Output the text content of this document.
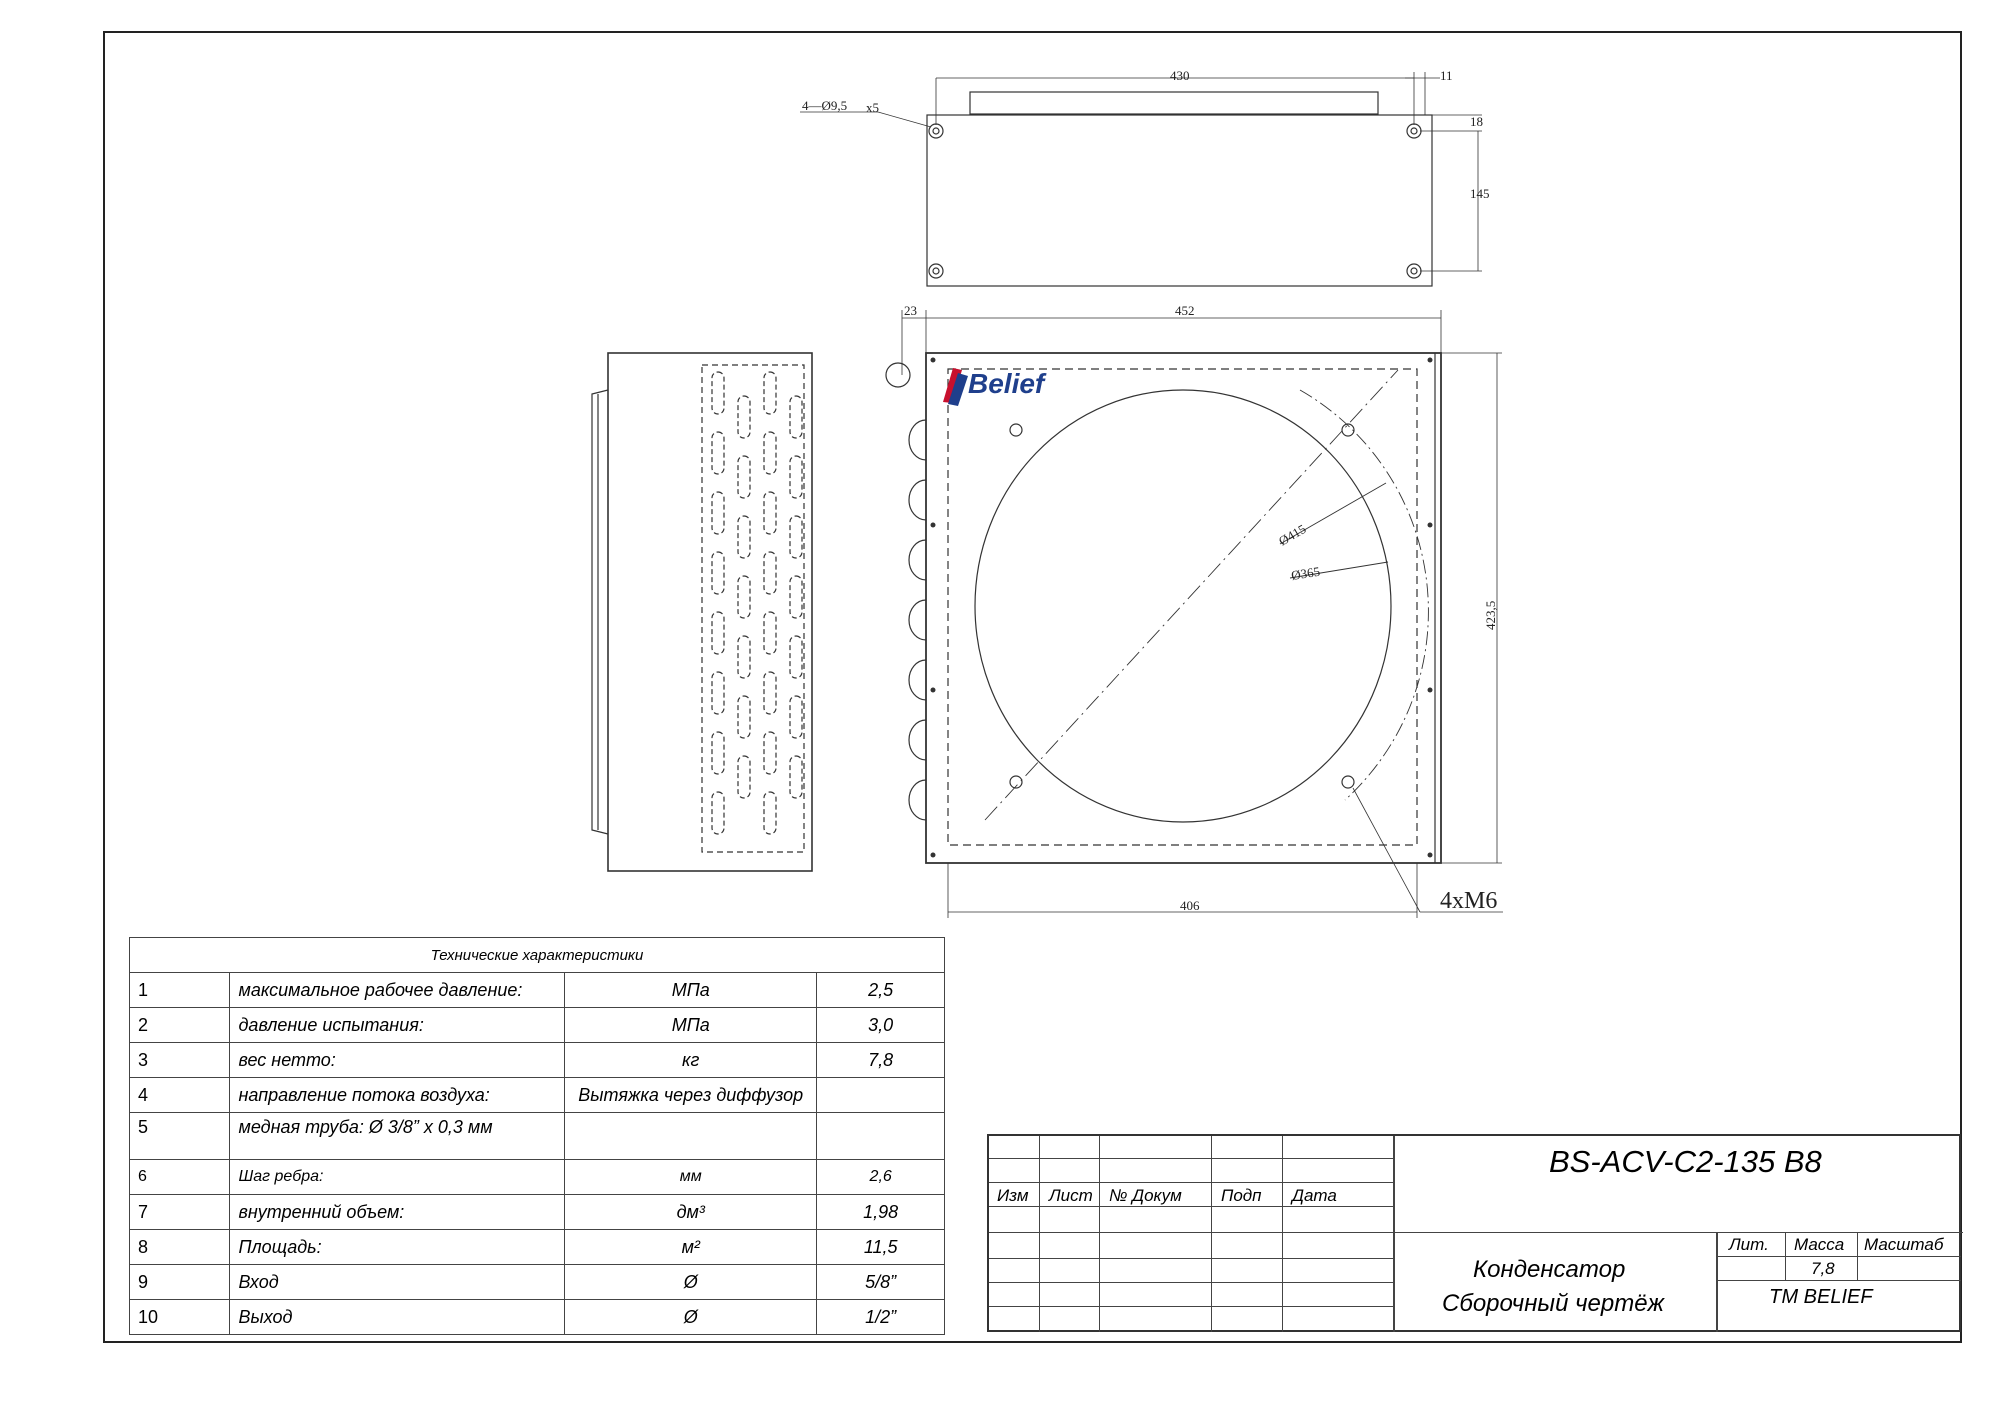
Belief
430	11
18
145
4—Ø9,5 x5
23	452
406
423,5
Ø415
Ø365
4xM6
Технические характеристики			
1	максимальное рабочее давление:	МПа	2,5
2	давление испытания:	МПа	3,0
3	вес нетто:	кг	7,8
4	направление потока воздуха:	Вытяжка через диффузор	
5	медная труба: Ø 3/8” х 0,3 мм		
6	Шаг ребра:	мм	2,6
7	внутренний объем:	дм³	1,98
8	Площадь:	м²	11,5
9	Вход	Ø	5/8”
10	Выход	Ø	1/2”
Изм Лист № Докум Подп Дата
BS-ACV-C2-135 B8
Конденсатор
Сборочный чертёж
Лит. Масса Масштаб
7,8
ТМ BELIEF
